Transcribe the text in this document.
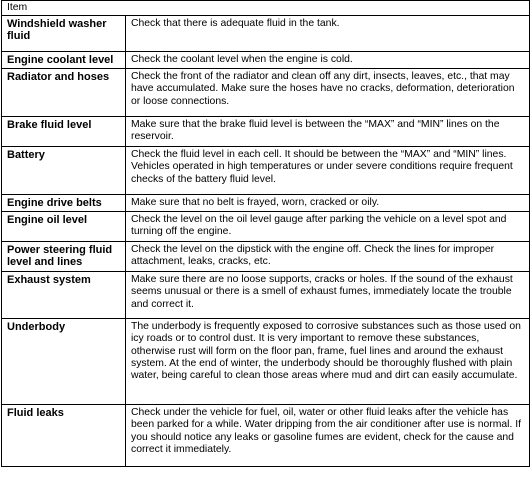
Item	
Windshield washer fluid	Check that there is adequate fluid in the tank.
Engine coolant level	Check the coolant level when the engine is cold.
Radiator and hoses	Check the front of the radiator and clean off any dirt, insects, leaves, etc., that may have accumulated. Make sure the hoses have no cracks, deformation, deterioration or loose connections.
Brake fluid level	Make sure that the brake fluid level is between the “MAX” and “MIN” lines on the reservoir.
Battery	Check the fluid level in each cell. It should be between the “MAX” and “MIN” lines. Vehicles operated in high temperatures or under severe conditions require frequent checks of the battery fluid level.
Engine drive belts	Make sure that no belt is frayed, worn, cracked or oily.
Engine oil level	Check the level on the oil level gauge after parking the vehicle on a level spot and turning off the engine.
Power steering fluid level and lines	Check the level on the dipstick with the engine off. Check the lines for improper attachment, leaks, cracks, etc.
Exhaust system	Make sure there are no loose supports, cracks or holes. If the sound of the exhaust seems unusual or there is a smell of exhaust fumes, immediately locate the trouble and correct it.
Underbody	The underbody is frequently exposed to corrosive substances such as those used on icy roads or to control dust. It is very important to remove these substances, otherwise rust will form on the floor pan, frame, fuel lines and around the exhaust system. At the end of winter, the underbody should be thoroughly flushed with plain water, being careful to clean those areas where mud and dirt can easily accumulate.
Fluid leaks	Check under the vehicle for fuel, oil, water or other fluid leaks after the vehicle has been parked for a while. Water dripping from the air conditioner after use is normal. If you should notice any leaks or gasoline fumes are evident, check for the cause and correct it immediately.
